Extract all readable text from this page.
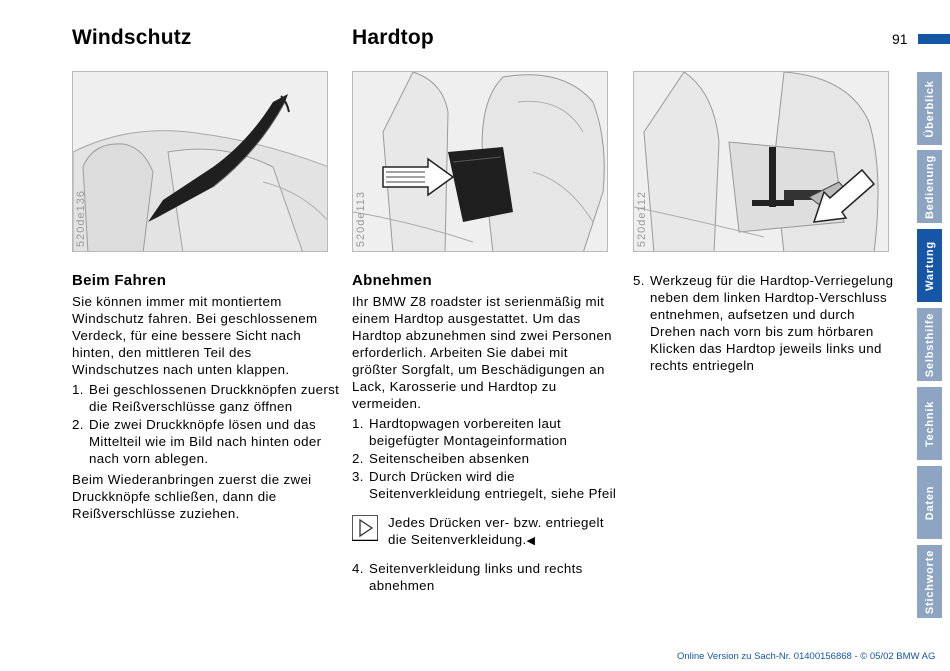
Windschutz	Hardtop	91
520de136	520de113	520de112
Beim Fahren

Sie können immer mit montiertem Windschutz fahren. Bei geschlossenem Verdeck, für eine bessere Sicht nach hinten, den mittleren Teil des Windschutzes nach unten klappen.

1. Bei geschlossenen Druckknöpfen zuerst die Reißverschlüsse ganz öffnen
2. Die zwei Druckknöpfe lösen und das Mittelteil wie im Bild nach hinten oder nach vorn ablegen.

Beim Wiederanbringen zuerst die zwei Druckknöpfe schließen, dann die Reißverschlüsse zuziehen.

Abnehmen

Ihr BMW Z8 roadster ist serienmäßig mit einem Hardtop ausgestattet. Um das Hardtop abzunehmen sind zwei Personen erforderlich. Arbeiten Sie dabei mit größter Sorgfalt, um Beschädigungen an Lack, Karosserie und Hardtop zu vermeiden.

1. Hardtopwagen vorbereiten laut beigefügter Montageinformation
2. Seitenscheiben absenken
3. Durch Drücken wird die Seitenverkleidung entriegelt, siehe Pfeil
Jedes Drücken ver- bzw. entriegelt die Seitenverkleidung.◀
4. Seitenverkleidung links und rechts abnehmen
5. Werkzeug für die Hardtop-Verriegelung neben dem linken Hardtop-Verschluss entnehmen, aufsetzen und durch Drehen nach vorn bis zum hörbaren Klicken das Hardtop jeweils links und rechts entriegeln
Überblick
Bedienung
Wartung
Selbsthilfe
Technik
Daten
Stichworte
Online Version zu Sach-Nr. 01400156868 - © 05/02 BMW AG
